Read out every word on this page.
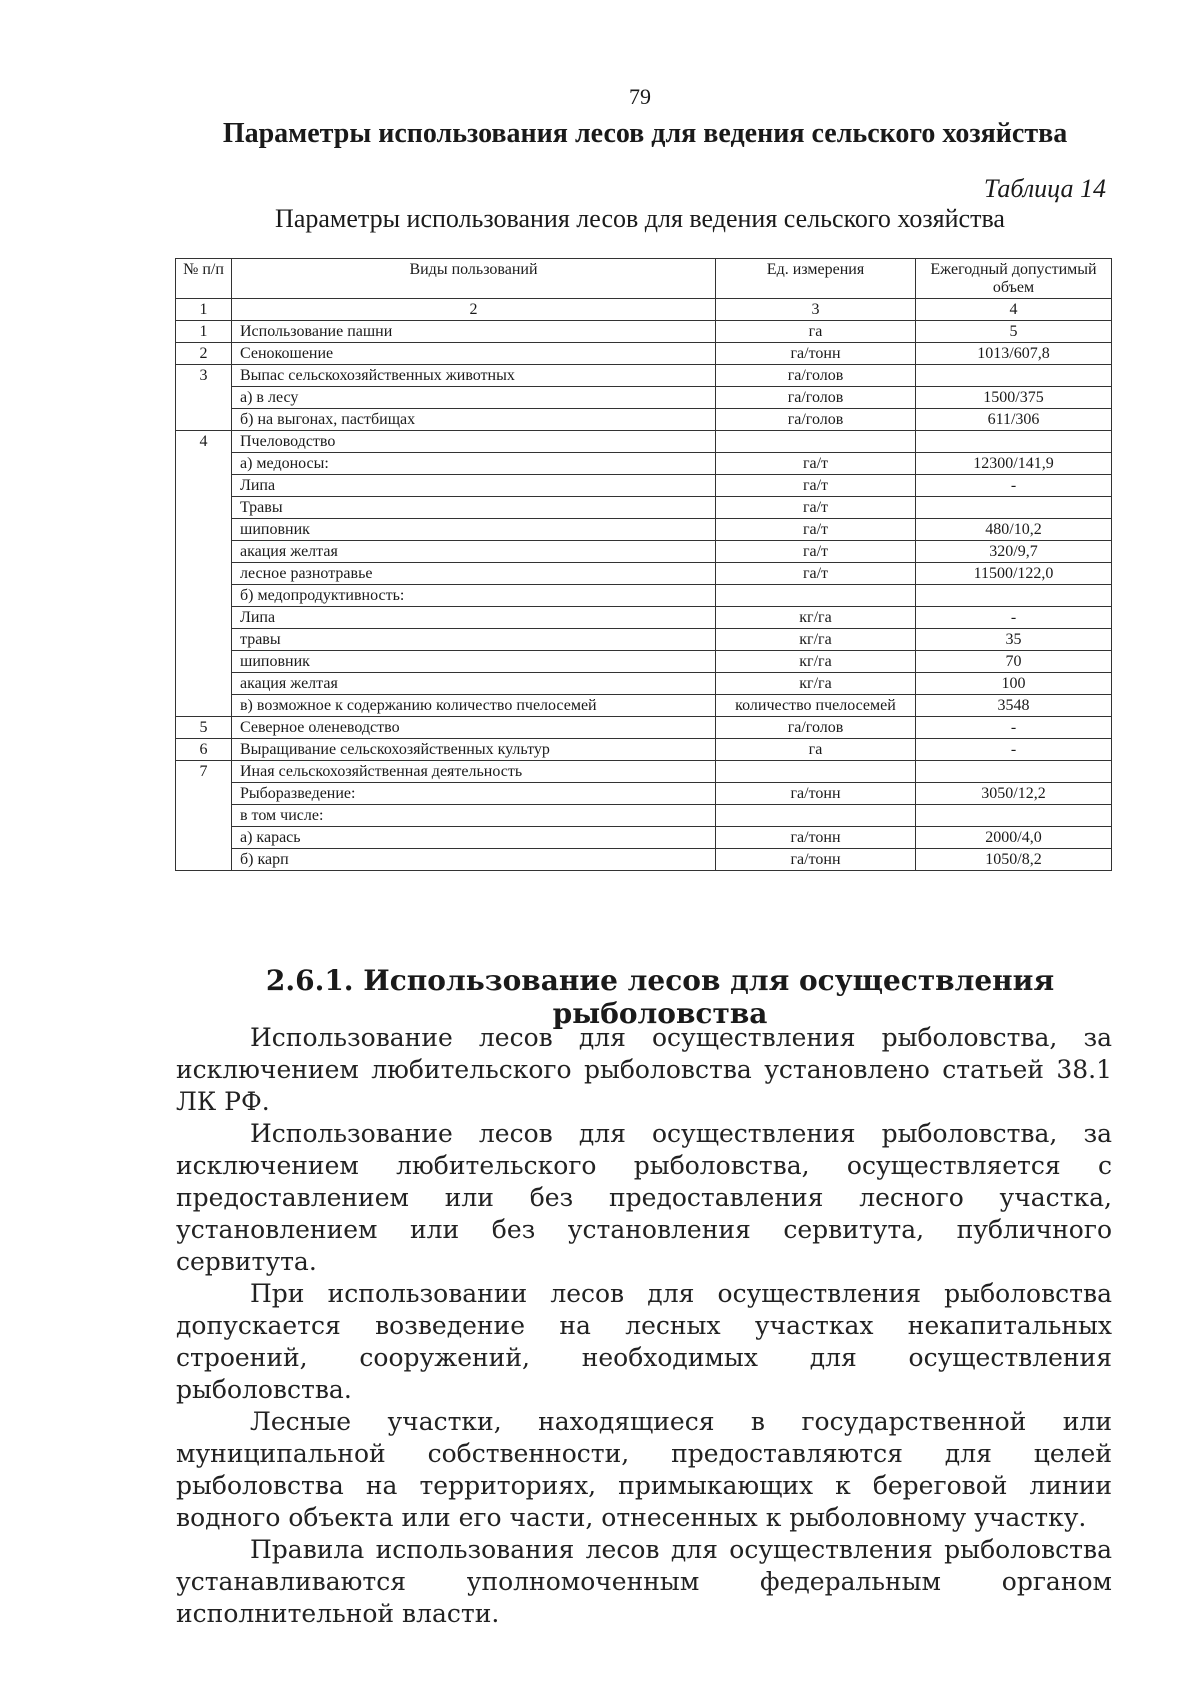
79
Параметры использования лесов для ведения сельского хозяйства
Таблица 14
Параметры использования лесов для ведения сельского хозяйства
№ п/п	Виды пользований	Ед. измерения	Ежегодный допустимый объем
1	2	3	4
1	Использование пашни	га	5
2	Сенокошение	га/тонн	1013/607,8
3	Выпас сельскохозяйственных животных	га/голов	
	а) в лесу	га/голов	1500/375
	б) на выгонах, пастбищах	га/голов	611/306
4	Пчеловодство		
	а) медоносы:	га/т	12300/141,9
	Липа	га/т	-
	Травы	га/т	
	шиповник	га/т	480/10,2
	акация желтая	га/т	320/9,7
	лесное разнотравье	га/т	11500/122,0
	б) медопродуктивность:		
	Липа	кг/га	-
	травы	кг/га	35
	шиповник	кг/га	70
	акация желтая	кг/га	100
	в) возможное к содержанию количество пчелосемей	количество пчелосемей	3548
5	Северное оленеводство	га/голов	-
6	Выращивание сельскохозяйственных культур	га	-
7	Иная сельскохозяйственная деятельность		
	Рыборазведение:	га/тонн	3050/12,2
	в том числе:		
	а) карась	га/тонн	2000/4,0
	б) карп	га/тонн	1050/8,2
2.6.1. Использование лесов для осуществления рыболовства

Использование лесов для осуществления рыболовства, за исключением любительского рыболовства установлено статьей 38.1 ЛК РФ.

Использование лесов для осуществления рыболовства, за исключением любительского рыболовства, осуществляется с предоставлением или без предоставления лесного участка, установлением или без установления сервитута, публичного сервитута.

При использовании лесов для осуществления рыболовства допускается возведение на лесных участках некапитальных строений, сооружений, необходимых для осуществления рыболовства.

Лесные участки, находящиеся в государственной или муниципальной собственности, предоставляются для целей рыболовства на территориях, примыкающих к береговой линии водного объекта или его части, отнесенных к рыболовному участку.

Правила использования лесов для осуществления рыболовства устанавливаются уполномоченным федеральным органом исполнительной власти.
